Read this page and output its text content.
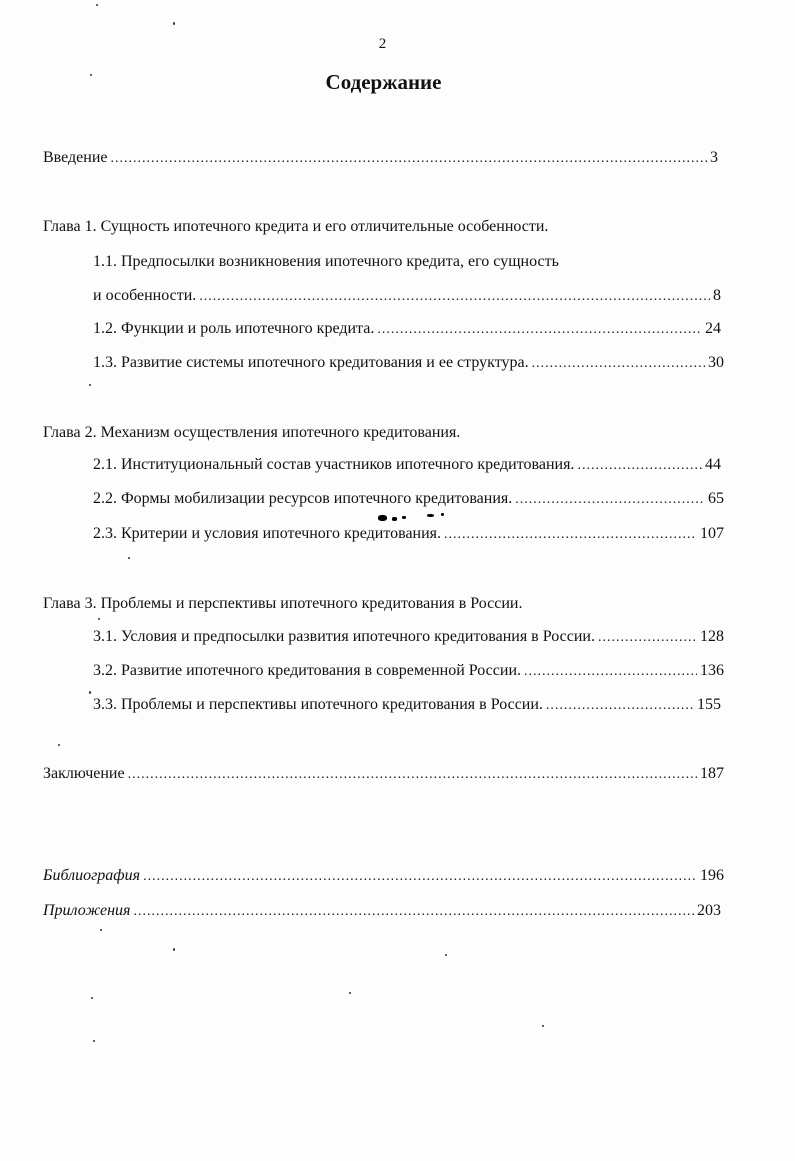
2
Содержание
Введение .....	3
Глава 1. Сущность ипотечного кредита и его отличительные особенности.
1.1. Предпосылки возникновения ипотечного кредита, его сущность
и особенности. .....	8
1.2. Функции и роль ипотечного кредита. .....	24
1.3. Развитие системы ипотечного кредитования и ее структура. .....	30
Глава 2. Механизм осуществления ипотечного кредитования.
2.1. Институциональный состав участников ипотечного кредитования. .....	44
2.2. Формы мобилизации ресурсов ипотечного кредитования. .....	65
2.3. Критерии и условия ипотечного кредитования. .....	107
Глава 3. Проблемы и перспективы ипотечного кредитования в России.
3.1. Условия и предпосылки развития ипотечного кредитования в России. .....	128
3.2. Развитие ипотечного кредитования в современной России. .....	136
3.3. Проблемы и перспективы ипотечного кредитования в России. .....	155
Заключение .....	187
Библиография .....	196
Приложения .....	203
